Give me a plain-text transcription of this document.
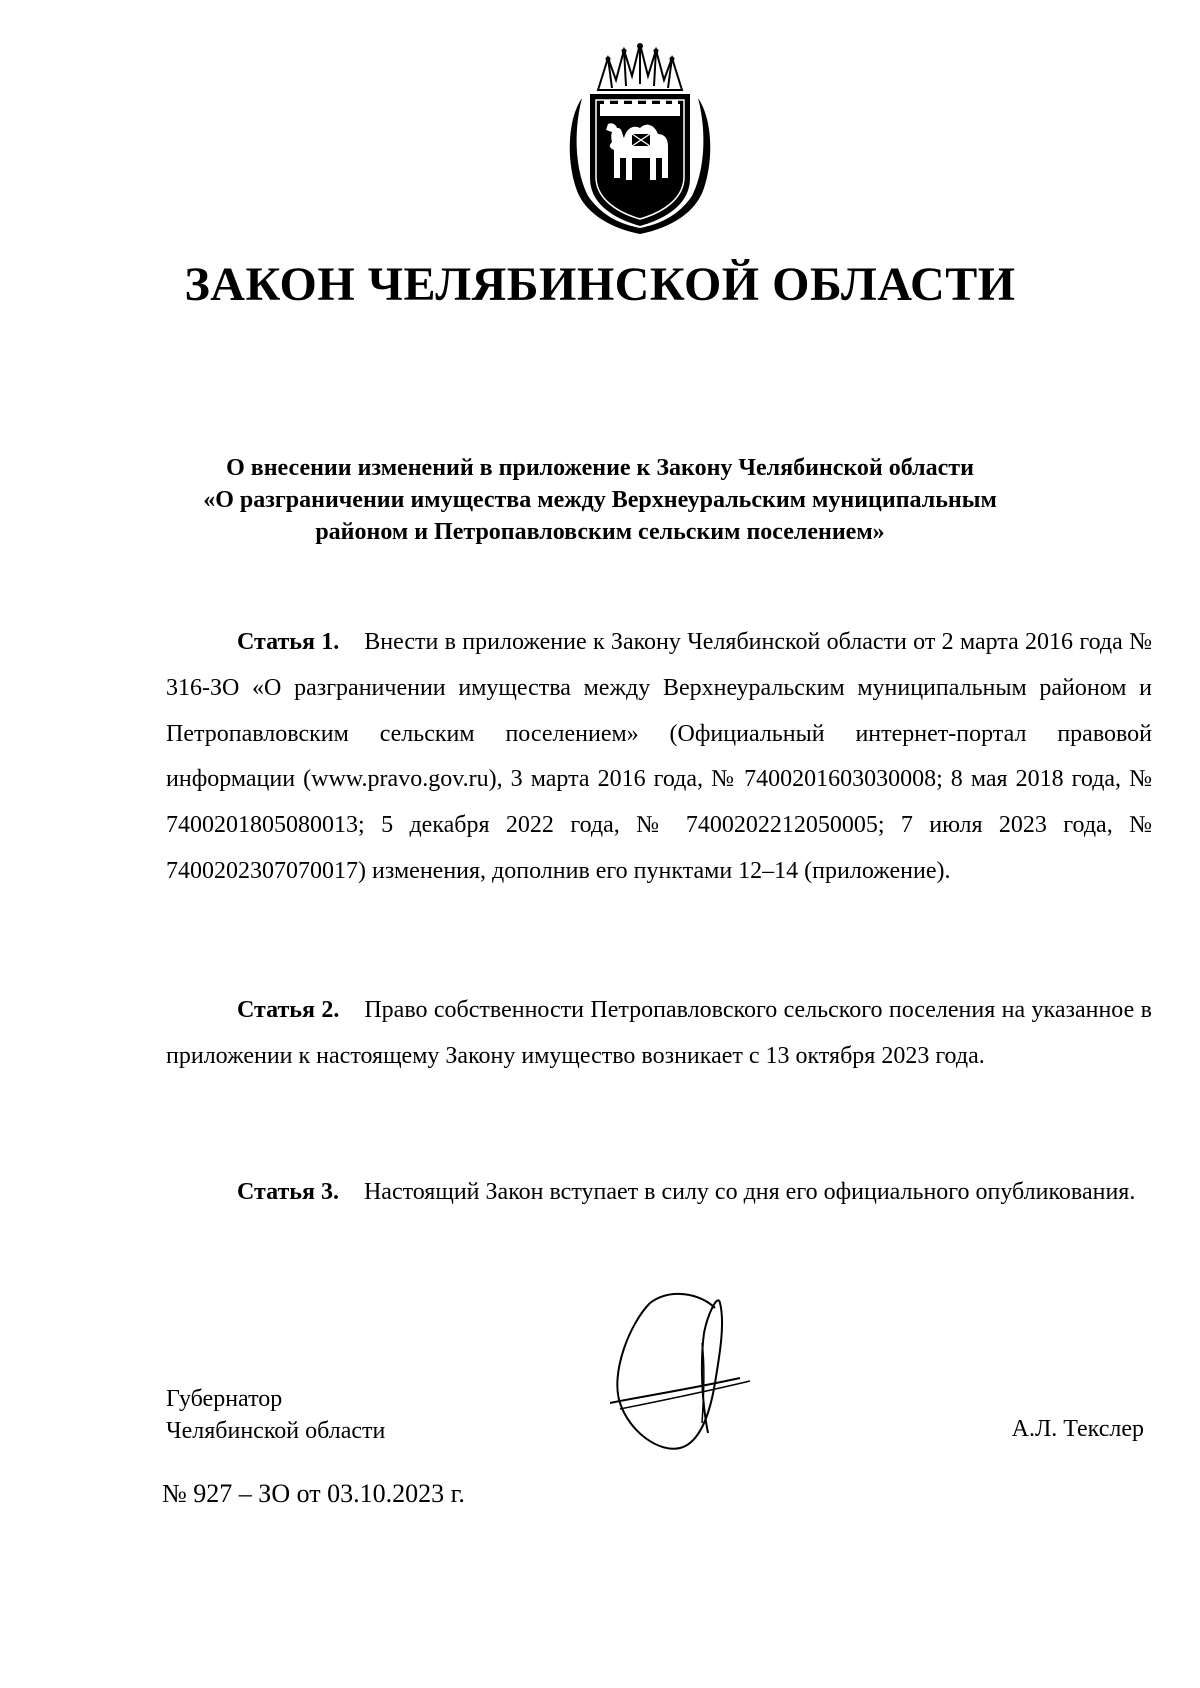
ЗАКОН ЧЕЛЯБИНСКОЙ ОБЛАСТИ
О внесении изменений в приложение к Закону Челябинской области
«О разграничении имущества между Верхнеуральским муниципальным
районом и Петропавловским сельским поселением»
Статья 1. Внести в приложение к Закону Челябинской области от 2 марта 2016 года № 316-ЗО «О разграничении имущества между Верхнеуральским муниципальным районом и Петропавловским сельским поселением» (Официальный интернет-портал правовой информации (www.pravo.gov.ru), 3 марта 2016 года, № 7400201603030008; 8 мая 2018 года, № 7400201805080013; 5 декабря 2022 года, № 7400202212050005; 7 июля 2023 года, № 7400202307070017) изменения, дополнив его пунктами 12–14 (приложение).
Статья 2. Право собственности Петропавловского сельского поселения на указанное в приложении к настоящему Закону имущество возникает с 13 октября 2023 года.
Статья 3. Настоящий Закон вступает в силу со дня его официального опубликования.
Губернатор
Челябинской области	А.Л. Текслер
№ 927 – ЗО от 03.10.2023 г.
